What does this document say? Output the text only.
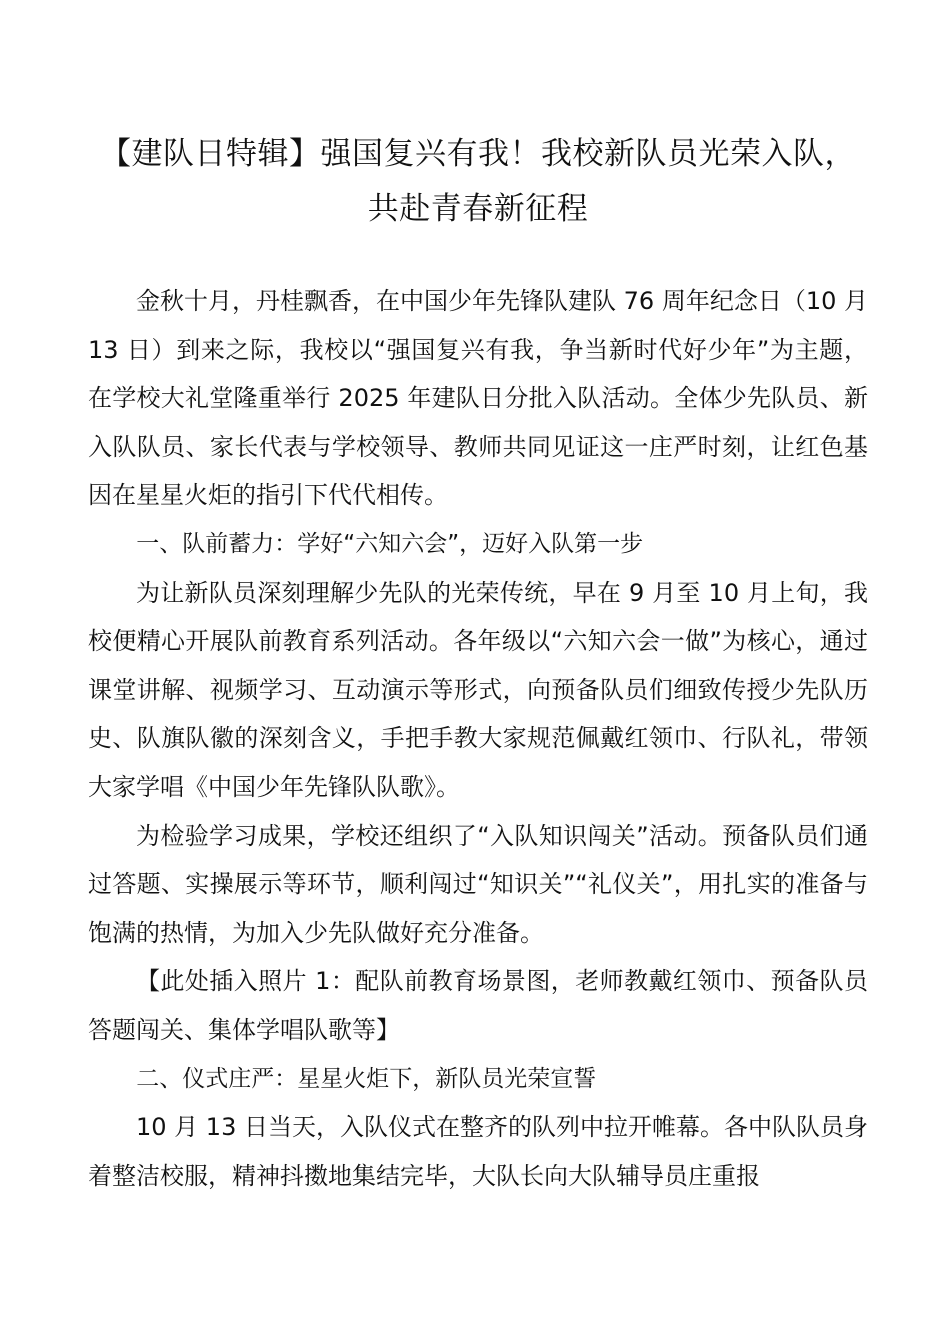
【建队日特辑】强国复兴有我！我校新队员光荣入队，共赴青春新征程

金秋十月，丹桂飘香，在中国少年先锋队建队 76 周年纪念日（10 月 13 日）到来之际，我校以“强国复兴有我，争当新时代好少年”为主题，在学校大礼堂隆重举行 2025 年建队日分批入队活动。全体少先队员、新入队队员、家长代表与学校领导、教师共同见证这一庄严时刻，让红色基因在星星火炬的指引下代代相传。

一、队前蓄力：学好“六知六会”，迈好入队第一步

为让新队员深刻理解少先队的光荣传统，早在 9 月至 10 月上旬，我校便精心开展队前教育系列活动。各年级以“六知六会一做”为核心，通过课堂讲解、视频学习、互动演示等形式，向预备队员们细致传授少先队历史、队旗队徽的深刻含义，手把手教大家规范佩戴红领巾、行队礼，带领大家学唱《中国少年先锋队队歌》。

为检验学习成果，学校还组织了“入队知识闯关”活动。预备队员们通过答题、实操展示等环节，顺利闯过“知识关”“礼仪关”，用扎实的准备与饱满的热情，为加入少先队做好充分准备。

【此处插入照片 1：配队前教育场景图，老师教戴红领巾、预备队员答题闯关、集体学唱队歌等】

二、仪式庄严：星星火炬下，新队员光荣宣誓

10 月 13 日当天，入队仪式在整齐的队列中拉开帷幕。各中队队员身着整洁校服，精神抖擞地集结完毕，大队长向大队辅导员庄重报
